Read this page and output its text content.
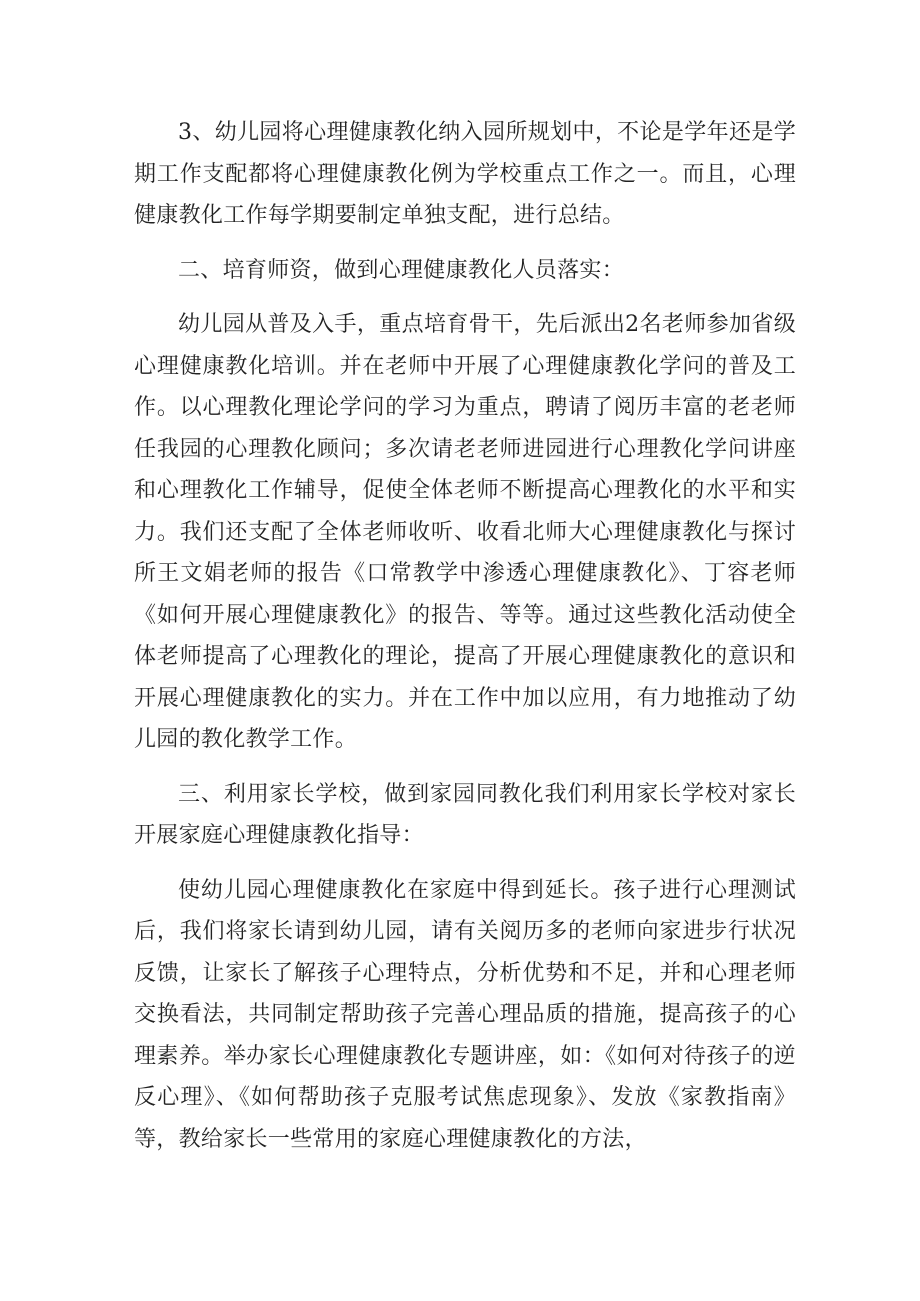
3、幼儿园将心理健康教化纳入园所规划中，不论是学年还是学期工作支配都将心理健康教化例为学校重点工作之一。而且，心理健康教化工作每学期要制定单独支配，进行总结。

二、培育师资，做到心理健康教化人员落实：

幼儿园从普及入手，重点培育骨干，先后派出2名老师参加省级心理健康教化培训。并在老师中开展了心理健康教化学问的普及工作。以心理教化理论学问的学习为重点，聘请了阅历丰富的老老师任我园的心理教化顾问；多次请老老师进园进行心理教化学问讲座和心理教化工作辅导，促使全体老师不断提高心理教化的水平和实力。我们还支配了全体老师收听、收看北师大心理健康教化与探讨所王文娟老师的报告《口常教学中渗透心理健康教化》、丁容老师《如何开展心理健康教化》的报告、等等。通过这些教化活动使全体老师提高了心理教化的理论，提高了开展心理健康教化的意识和开展心理健康教化的实力。并在工作中加以应用，有力地推动了幼儿园的教化教学工作。

三、利用家长学校，做到家园同教化我们利用家长学校对家长开展家庭心理健康教化指导：

使幼儿园心理健康教化在家庭中得到延长。孩子进行心理测试后，我们将家长请到幼儿园，请有关阅历多的老师向家进步行状况反馈，让家长了解孩子心理特点，分析优势和不足，并和心理老师交换看法，共同制定帮助孩子完善心理品质的措施，提高孩子的心理素养。举办家长心理健康教化专题讲座，如：《如何对待孩子的逆反心理》、《如何帮助孩子克服考试焦虑现象》、发放《家教指南》等，教给家长一些常用的家庭心理健康教化的方法，
